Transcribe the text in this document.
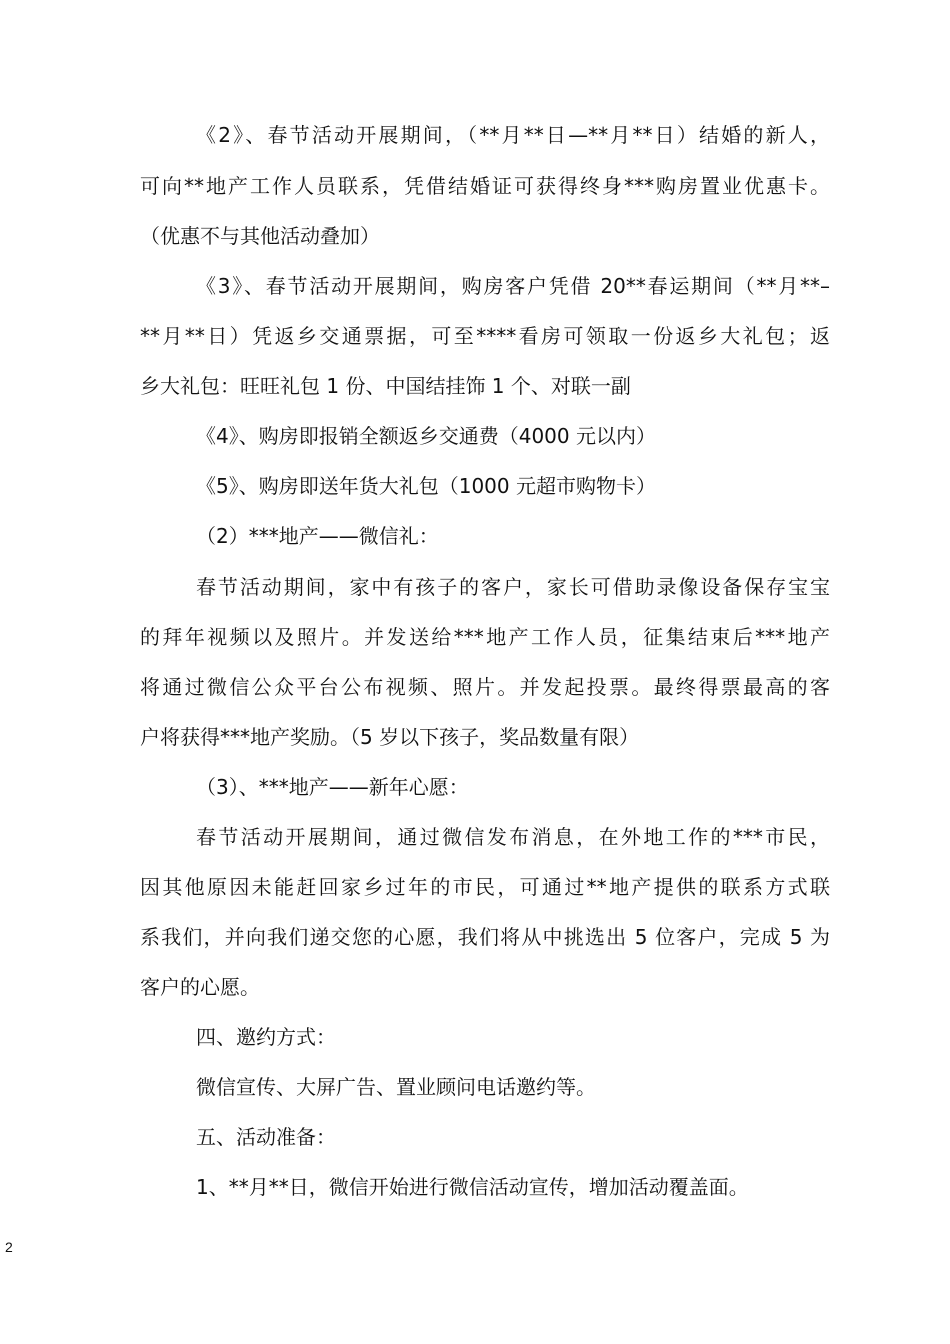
《2》、春节活动开展期间，（**月**日—**月**日）结婚的新人，
可向**地产工作人员联系，凭借结婚证可获得终身***购房置业优惠卡。
（优惠不与其他活动叠加）
《3》、春节活动开展期间，购房客户凭借 20**春运期间（**月**–
**月**日）凭返乡交通票据，可至****看房可领取一份返乡大礼包；返
乡大礼包：旺旺礼包 1 份、中国结挂饰 1 个、对联一副
《4》、购房即报销全额返乡交通费（4000 元以内）
《5》、购房即送年货大礼包（1000 元超市购物卡）
（2）***地产——微信礼：
春节活动期间，家中有孩子的客户，家长可借助录像设备保存宝宝
的拜年视频以及照片。并发送给***地产工作人员，征集结束后***地产
将通过微信公众平台公布视频、照片。并发起投票。最终得票最高的客
户将获得***地产奖励。（5 岁以下孩子，奖品数量有限）
（3）、***地产——新年心愿：
春节活动开展期间，通过微信发布消息，在外地工作的***市民，
因其他原因未能赶回家乡过年的市民，可通过**地产提供的联系方式联
系我们，并向我们递交您的心愿，我们将从中挑选出 5 位客户，完成 5 为
客户的心愿。
四、邀约方式：
微信宣传、大屏广告、置业顾问电话邀约等。
五、活动准备：
1、**月**日，微信开始进行微信活动宣传，增加活动覆盖面。
2
